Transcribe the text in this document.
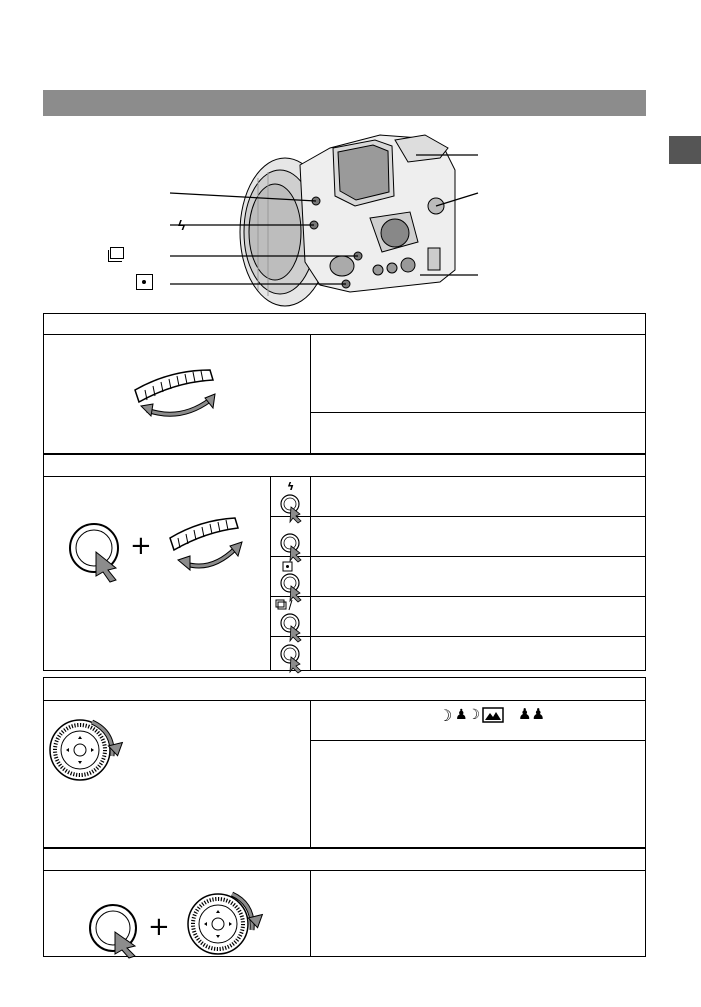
ϟ
ϟ
+
☽ ♟☽	♟♟
+
